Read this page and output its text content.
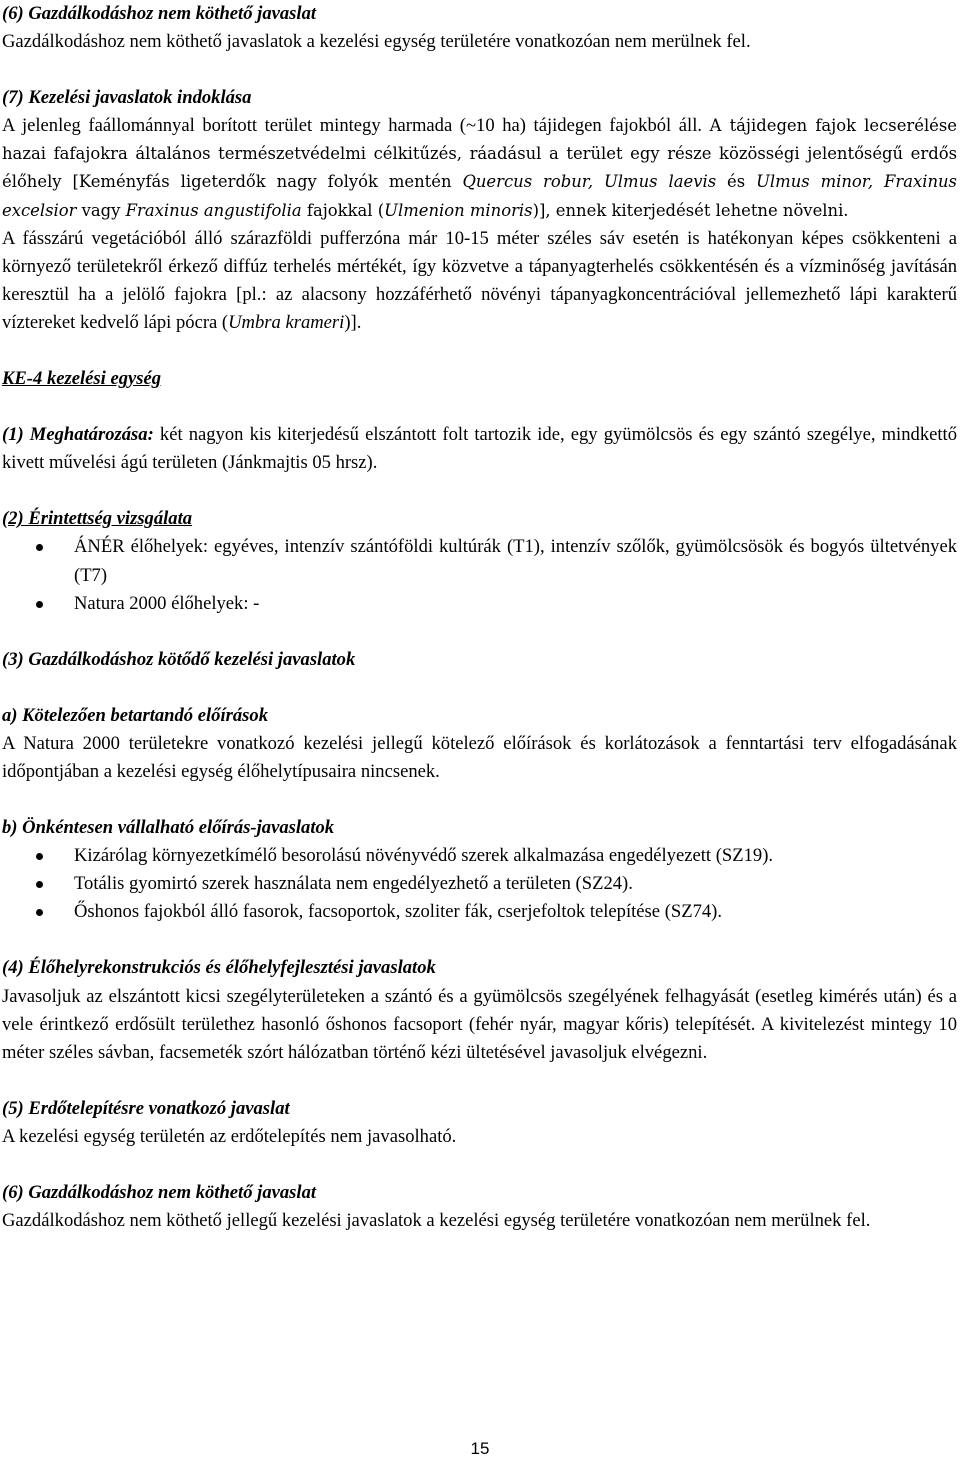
(6) Gazdálkodáshoz nem köthető javaslat

Gazdálkodáshoz nem köthető javaslatok a kezelési egység területére vonatkozóan nem merülnek fel.

(7) Kezelési javaslatok indoklása

A jelenleg faállománnyal borított terület mintegy harmada (~10 ha) tájidegen fajokból áll. A tájidegen fajok lecserélése hazai fafajokra általános természetvédelmi célkitűzés, ráadásul a terület egy része közösségi jelentőségű erdős élőhely [Keményfás ligeterdők nagy folyók mentén Quercus robur, Ulmus laevis és Ulmus minor, Fraxinus excelsior vagy Fraxinus angustifolia fajokkal (Ulmenion minoris)], ennek kiterjedését lehetne növelni.

A fásszárú vegetációból álló szárazföldi pufferzóna már 10-15 méter széles sáv esetén is hatékonyan képes csökkenteni a környező területekről érkező diffúz terhelés mértékét, így közvetve a tápanyagterhelés csökkentésén és a vízminőség javításán keresztül ha a jelölő fajokra [pl.: az alacsony hozzáférhető növényi tápanyagkoncentrációval jellemezhető lápi karakterű víztereket kedvelő lápi pócra (Umbra krameri)].

KE-4 kezelési egység

(1) Meghatározása: két nagyon kis kiterjedésű elszántott folt tartozik ide, egy gyümölcsös és egy szántó szegélye, mindkettő kivett művelési ágú területen (Jánkmajtis 05 hrsz).

(2) Érintettség vizsgálata
ÁNÉR élőhelyek: egyéves, intenzív szántóföldi kultúrák (T1), intenzív szőlők, gyümölcsösök és bogyós ültetvények (T7)
Natura 2000 élőhelyek: -
(3) Gazdálkodáshoz kötődő kezelési javaslatok
a) Kötelezően betartandó előírások

A Natura 2000 területekre vonatkozó kezelési jellegű kötelező előírások és korlátozások a fenntartási terv elfogadásának időpontjában a kezelési egység élőhelytípusaira nincsenek.

b) Önkéntesen vállalható előírás-javaslatok
Kizárólag környezetkímélő besorolású növényvédő szerek alkalmazása engedélyezett (SZ19).
Totális gyomirtó szerek használata nem engedélyezhető a területen (SZ24).
Őshonos fajokból álló fasorok, facsoportok, szoliter fák, cserjefoltok telepítése (SZ74).
(4) Élőhelyrekonstrukciós és élőhelyfejlesztési javaslatok

Javasoljuk az elszántott kicsi szegélyterületeken a szántó és a gyümölcsös szegélyének felhagyását (esetleg kimérés után) és a vele érintkező erdősült területhez hasonló őshonos facsoport (fehér nyár, magyar kőris) telepítését. A kivitelezést mintegy 10 méter széles sávban, facsemeték szórt hálózatban történő kézi ültetésével javasoljuk elvégezni.

(5) Erdőtelepítésre vonatkozó javaslat

A kezelési egység területén az erdőtelepítés nem javasolható.

(6) Gazdálkodáshoz nem köthető javaslat

Gazdálkodáshoz nem köthető jellegű kezelési javaslatok a kezelési egység területére vonatkozóan nem merülnek fel.

15
